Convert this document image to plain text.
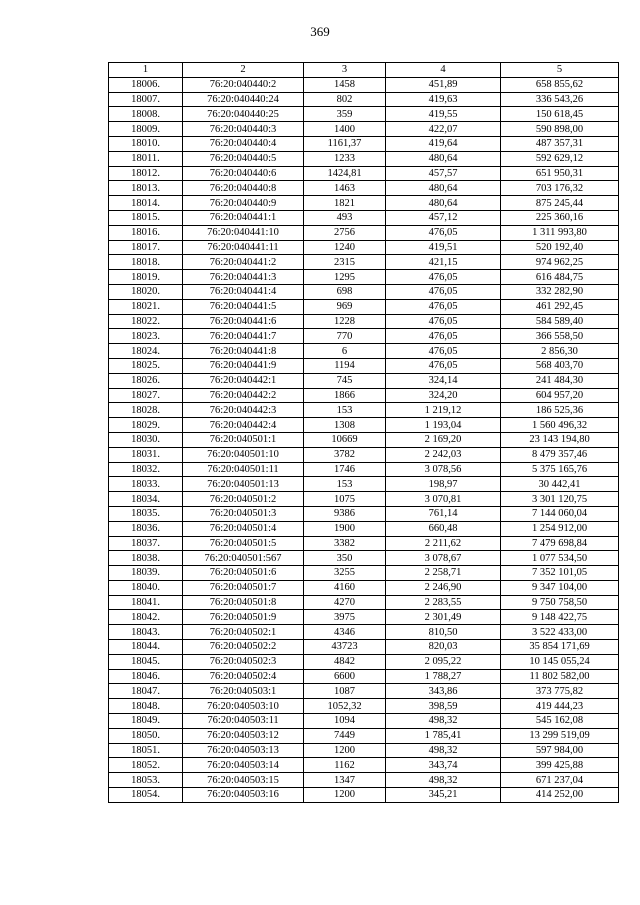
369
1	2	3	4	5
18006.	76:20:040440:2	1458	451,89	658 855,62
18007.	76:20:040440:24	802	419,63	336 543,26
18008.	76:20:040440:25	359	419,55	150 618,45
18009.	76:20:040440:3	1400	422,07	590 898,00
18010.	76:20:040440:4	1161,37	419,64	487 357,31
18011.	76:20:040440:5	1233	480,64	592 629,12
18012.	76:20:040440:6	1424,81	457,57	651 950,31
18013.	76:20:040440:8	1463	480,64	703 176,32
18014.	76:20:040440:9	1821	480,64	875 245,44
18015.	76:20:040441:1	493	457,12	225 360,16
18016.	76:20:040441:10	2756	476,05	1 311 993,80
18017.	76:20:040441:11	1240	419,51	520 192,40
18018.	76:20:040441:2	2315	421,15	974 962,25
18019.	76:20:040441:3	1295	476,05	616 484,75
18020.	76:20:040441:4	698	476,05	332 282,90
18021.	76:20:040441:5	969	476,05	461 292,45
18022.	76:20:040441:6	1228	476,05	584 589,40
18023.	76:20:040441:7	770	476,05	366 558,50
18024.	76:20:040441:8	6	476,05	2 856,30
18025.	76:20:040441:9	1194	476,05	568 403,70
18026.	76:20:040442:1	745	324,14	241 484,30
18027.	76:20:040442:2	1866	324,20	604 957,20
18028.	76:20:040442:3	153	1 219,12	186 525,36
18029.	76:20:040442:4	1308	1 193,04	1 560 496,32
18030.	76:20:040501:1	10669	2 169,20	23 143 194,80
18031.	76:20:040501:10	3782	2 242,03	8 479 357,46
18032.	76:20:040501:11	1746	3 078,56	5 375 165,76
18033.	76:20:040501:13	153	198,97	30 442,41
18034.	76:20:040501:2	1075	3 070,81	3 301 120,75
18035.	76:20:040501:3	9386	761,14	7 144 060,04
18036.	76:20:040501:4	1900	660,48	1 254 912,00
18037.	76:20:040501:5	3382	2 211,62	7 479 698,84
18038.	76:20:040501:567	350	3 078,67	1 077 534,50
18039.	76:20:040501:6	3255	2 258,71	7 352 101,05
18040.	76:20:040501:7	4160	2 246,90	9 347 104,00
18041.	76:20:040501:8	4270	2 283,55	9 750 758,50
18042.	76:20:040501:9	3975	2 301,49	9 148 422,75
18043.	76:20:040502:1	4346	810,50	3 522 433,00
18044.	76:20:040502:2	43723	820,03	35 854 171,69
18045.	76:20:040502:3	4842	2 095,22	10 145 055,24
18046.	76:20:040502:4	6600	1 788,27	11 802 582,00
18047.	76:20:040503:1	1087	343,86	373 775,82
18048.	76:20:040503:10	1052,32	398,59	419 444,23
18049.	76:20:040503:11	1094	498,32	545 162,08
18050.	76:20:040503:12	7449	1 785,41	13 299 519,09
18051.	76:20:040503:13	1200	498,32	597 984,00
18052.	76:20:040503:14	1162	343,74	399 425,88
18053.	76:20:040503:15	1347	498,32	671 237,04
18054.	76:20:040503:16	1200	345,21	414 252,00
